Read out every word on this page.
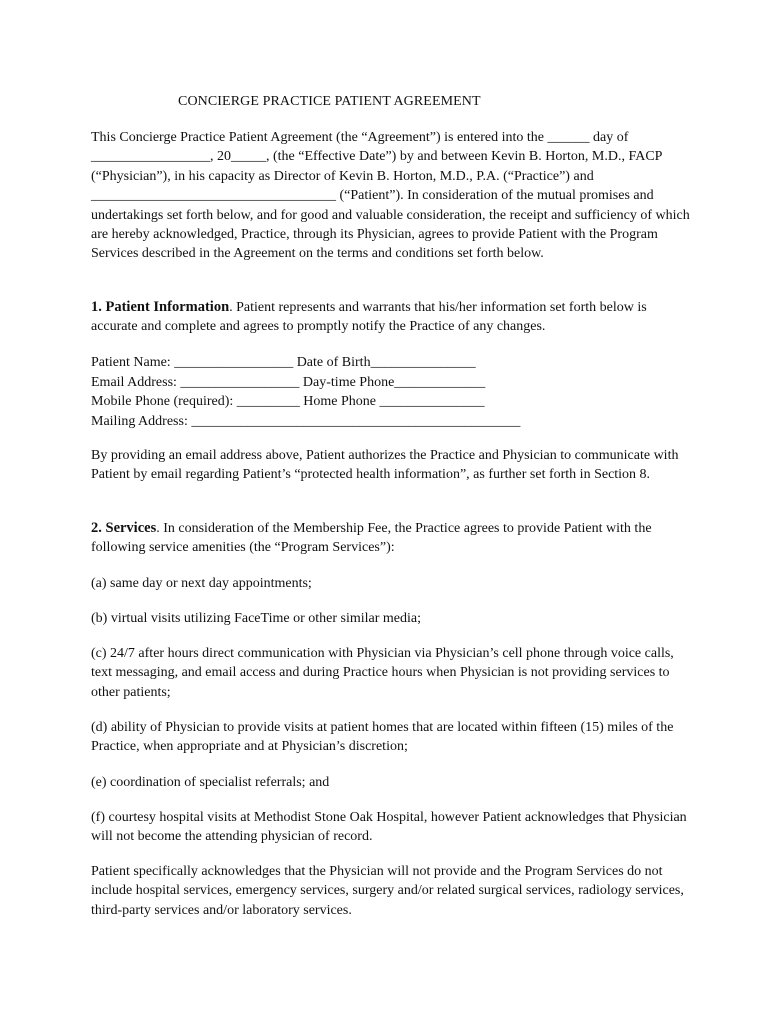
CONCIERGE PRACTICE PATIENT AGREEMENT

This Concierge Practice Patient Agreement (the “Agreement”) is entered into the ______ day of _________________, 20_____, (the “Effective Date”) by and between Kevin B. Horton, M.D., FACP (“Physician”), in his capacity as Director of Kevin B. Horton, M.D., P.A. (“Practice”) and ___________________________________ (“Patient”). In consideration of the mutual promises and undertakings set forth below, and for good and valuable consideration, the receipt and sufficiency of which are hereby acknowledged, Practice, through its Physician, agrees to provide Patient with the Program Services described in the Agreement on the terms and conditions set forth below.

1. Patient Information. Patient represents and warrants that his/her information set forth below is accurate and complete and agrees to promptly notify the Practice of any changes.

Patient Name: _________________ Date of Birth_______________
Email Address: _________________ Day-time Phone_____________
Mobile Phone (required): _________ Home Phone _______________
Mailing Address: _______________________________________________

By providing an email address above, Patient authorizes the Practice and Physician to communicate with Patient by email regarding Patient’s “protected health information”, as further set forth in Section 8.

2. Services. In consideration of the Membership Fee, the Practice agrees to provide Patient with the following service amenities (the “Program Services”):

(a) same day or next day appointments;

(b) virtual visits utilizing FaceTime or other similar media;

(c) 24/7 after hours direct communication with Physician via Physician’s cell phone through voice calls, text messaging, and email access and during Practice hours when Physician is not providing services to other patients;

(d) ability of Physician to provide visits at patient homes that are located within fifteen (15) miles of the Practice, when appropriate and at Physician’s discretion;

(e) coordination of specialist referrals; and

(f) courtesy hospital visits at Methodist Stone Oak Hospital, however Patient acknowledges that Physician will not become the attending physician of record.

Patient specifically acknowledges that the Physician will not provide and the Program Services do not include hospital services, emergency services, surgery and/or related surgical services, radiology services, third-party services and/or laboratory services.
